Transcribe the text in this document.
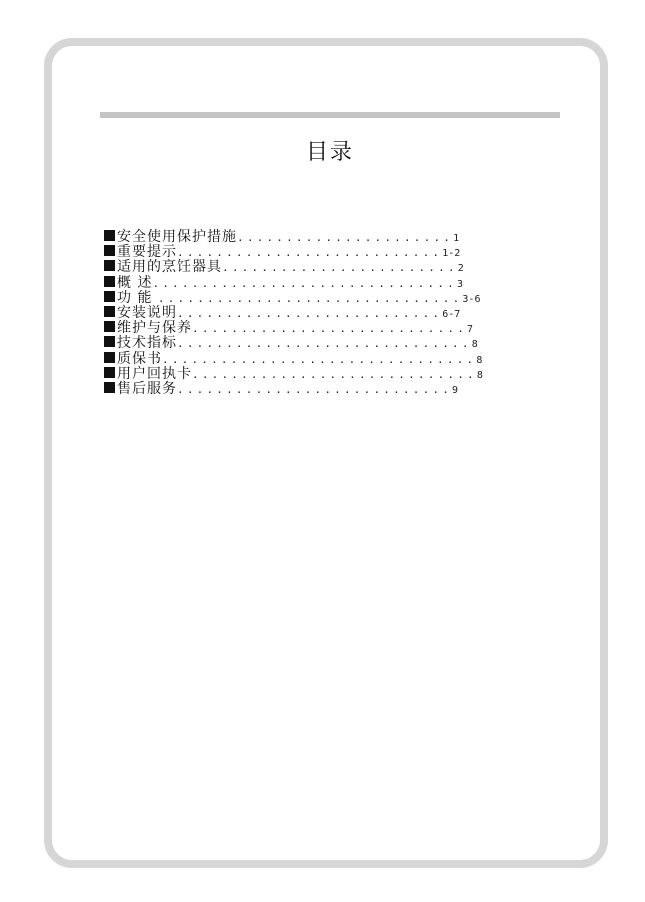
目录
安全使用保护措施......................1
重要提示...........................1-2
适用的烹饪器具........................2
概 述...............................3
功 能 ...............................3-6
安装说明...........................6-7
维护与保养............................7
技术指标..............................8
质保书................................8
用户回执卡.............................8
售后服务............................9
